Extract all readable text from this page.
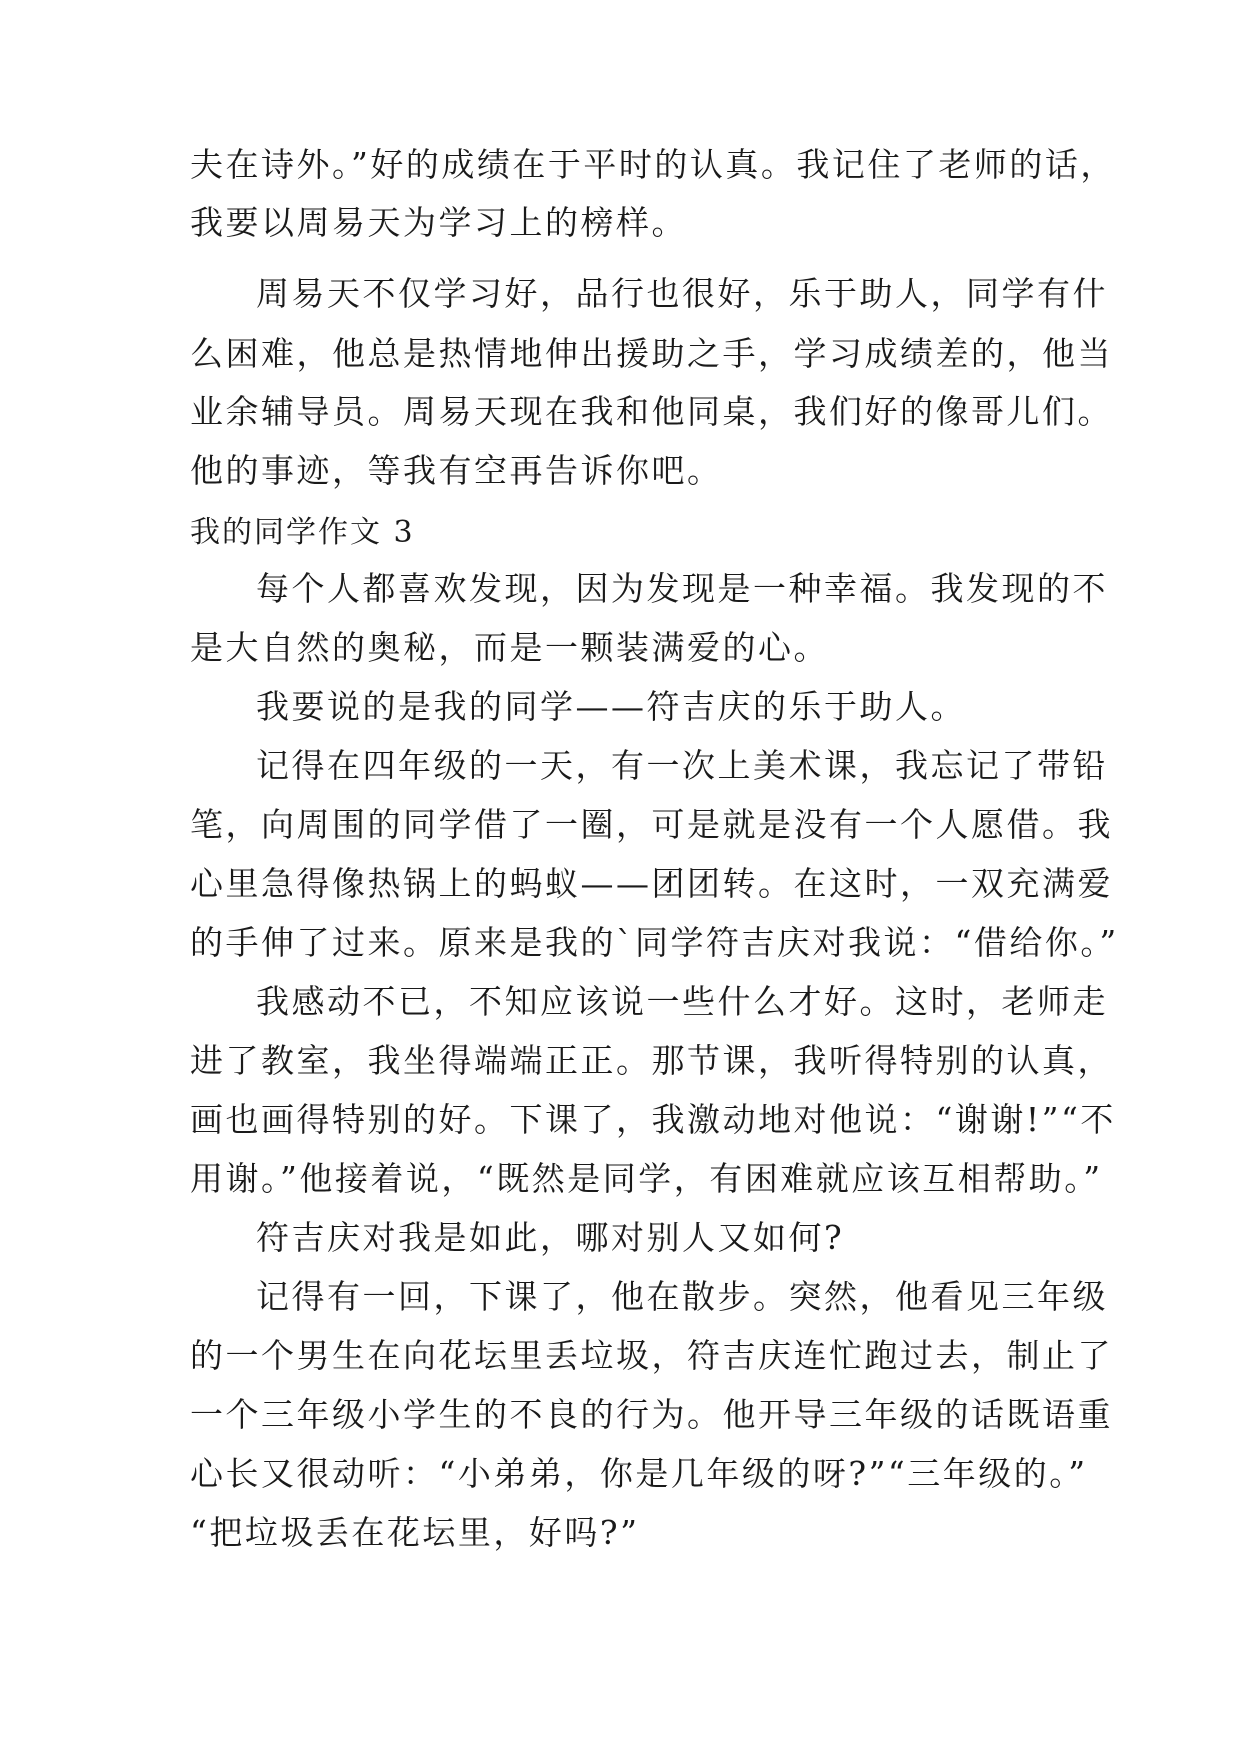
夫在诗外。”好的成绩在于平时的认真。我记住了老师的话，
我要以周易天为学习上的榜样。
周易天不仅学习好，品行也很好，乐于助人，同学有什
么困难，他总是热情地伸出援助之手，学习成绩差的，他当
业余辅导员。周易天现在我和他同桌，我们好的像哥儿们。
他的事迹，等我有空再告诉你吧。
我的同学作文 3
每个人都喜欢发现，因为发现是一种幸福。我发现的不
是大自然的奥秘，而是一颗装满爱的心。
我要说的是我的同学——符吉庆的乐于助人。
记得在四年级的一天，有一次上美术课，我忘记了带铅
笔，向周围的同学借了一圈，可是就是没有一个人愿借。我
心里急得像热锅上的蚂蚁——团团转。在这时，一双充满爱
的手伸了过来。原来是我的`同学符吉庆对我说：“借给你。”
我感动不已，不知应该说一些什么才好。这时，老师走
进了教室，我坐得端端正正。那节课，我听得特别的认真，
画也画得特别的好。下课了，我激动地对他说：“谢谢!”“不
用谢。”他接着说，“既然是同学，有困难就应该互相帮助。”
符吉庆对我是如此，哪对别人又如何?
记得有一回，下课了，他在散步。突然，他看见三年级
的一个男生在向花坛里丢垃圾，符吉庆连忙跑过去，制止了
一个三年级小学生的不良的行为。他开导三年级的话既语重
心长又很动听：“小弟弟，你是几年级的呀?”“三年级的。”
“把垃圾丢在花坛里，好吗?”
